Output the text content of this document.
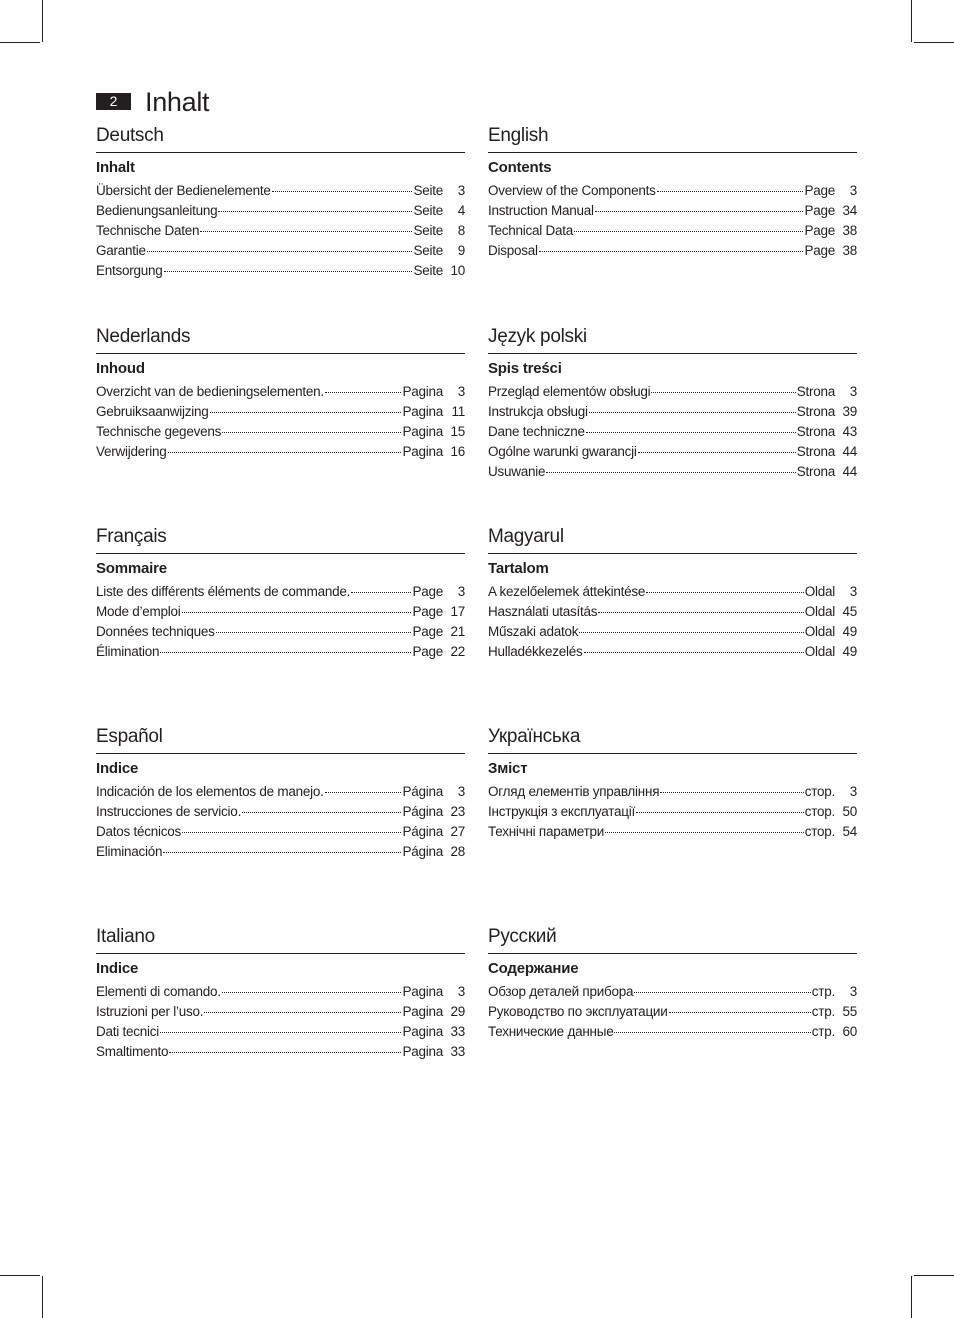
2	Inhalt
Deutsch
Inhalt
Übersicht der Bedienelemente	Seite	3
Bedienungsanleitung	Seite	4
Technische Daten	Seite	8
Garantie	Seite	9
Entsorgung	Seite 10
English
Contents
Overview of the Components	Page	3
Instruction Manual	Page 34
Technical Data	Page 38
Disposal	Page 38
Nederlands
Inhoud
Overzicht van de bedieningselementen.	Pagina	3
Gebruiksaanwijzing	Pagina 11
Technische gegevens	Pagina 15
Verwijdering	Pagina 16
Język polski
Spis treści
Przegląd elementów obsługi	Strona	3
Instrukcja obsługi	Strona 39
Dane techniczne	Strona 43
Ogólne warunki gwarancji	Strona 44
Usuwanie	Strona 44
Français
Sommaire
Liste des différents éléments de commande.	Page	3
Mode d’emploi	Page 17
Données techniques	Page 21
Élimination	Page 22
Magyarul
Tartalom
A kezelőelemek áttekintése	Oldal	3
Használati utasítás	Oldal 45
Műszaki adatok	Oldal 49
Hulladékkezelés	Oldal 49
Español
Indice
Indicación de los elementos de manejo.	Página	3
Instrucciones de servicio.	Página 23
Datos técnicos	Página 27
Eliminación	Página 28
Українська
Зміст
Огляд елементів управління	стор.	3
Інструкція з експлуатації	стор. 50
Технічні параметри	стор. 54
Italiano
Indice
Elementi di comando.	Pagina	3
Istruzioni per l’uso.	Pagina 29
Dati tecnici	Pagina 33
Smaltimento	Pagina 33
Русский
Содержание
Обзор деталей прибора	стр.	3
Руководство по эксплуатации	стр. 55
Технические данные	стр. 60
